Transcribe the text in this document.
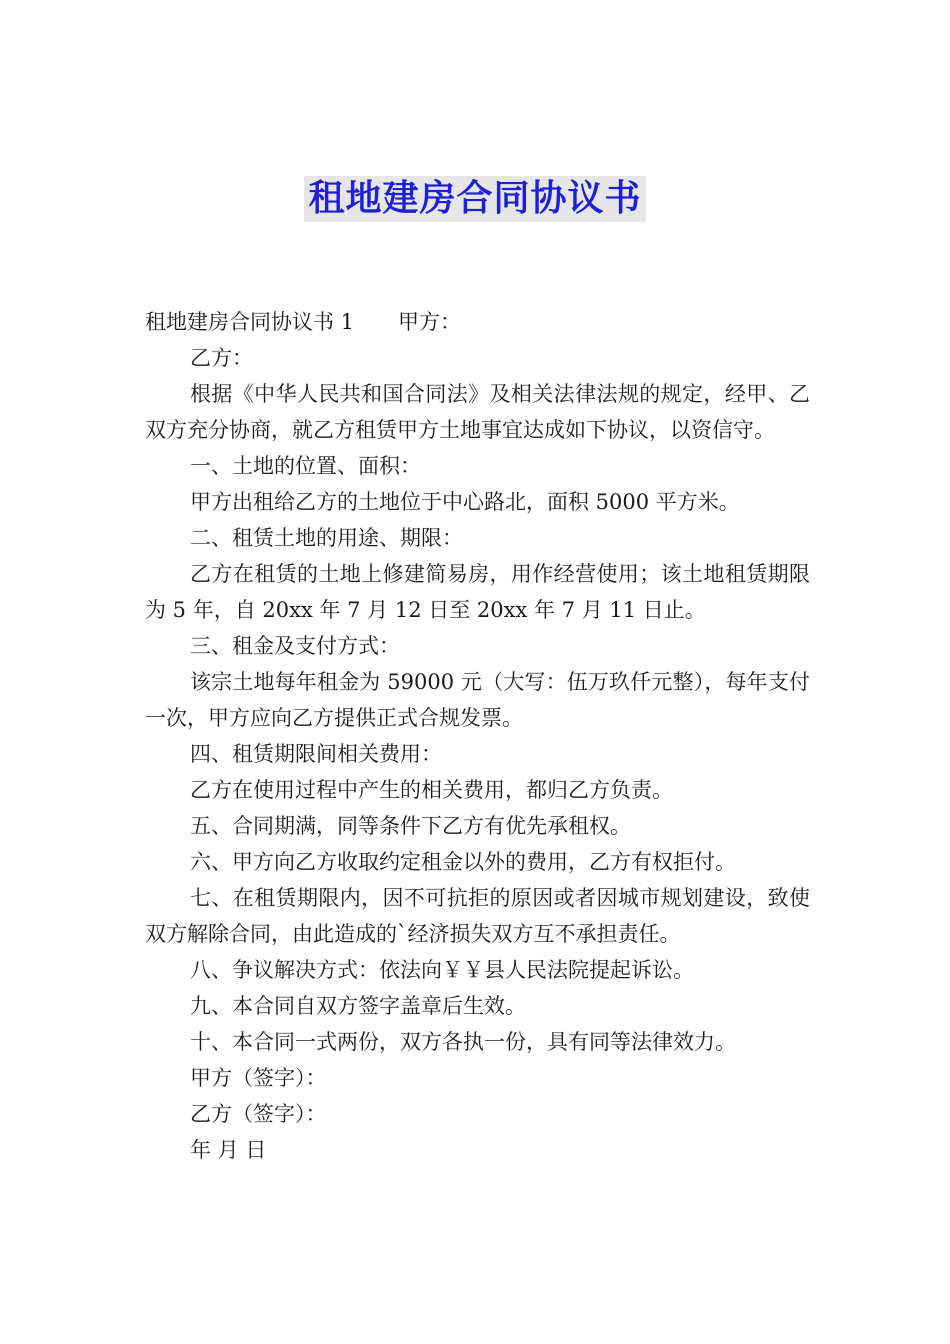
租地建房合同协议书

租地建房合同协议书 1 甲方：

乙方：

根据《中华人民共和国合同法》及相关法律法规的规定，经甲、乙双方充分协商，就乙方租赁甲方土地事宜达成如下协议，以资信守。

一、土地的位置、面积：

甲方出租给乙方的土地位于中心路北，面积 5000 平方米。

二、租赁土地的用途、期限：

乙方在租赁的土地上修建简易房，用作经营使用；该土地租赁期限为 5 年，自 20xx 年 7 月 12 日至 20xx 年 7 月 11 日止。

三、租金及支付方式：

该宗土地每年租金为 59000 元（大写：伍万玖仟元整），每年支付一次，甲方应向乙方提供正式合规发票。

四、租赁期限间相关费用：

乙方在使用过程中产生的相关费用，都归乙方负责。

五、合同期满，同等条件下乙方有优先承租权。

六、甲方向乙方收取约定租金以外的费用，乙方有权拒付。

七、在租赁期限内，因不可抗拒的原因或者因城市规划建设，致使双方解除合同，由此造成的`经济损失双方互不承担责任。

八、争议解决方式：依法向￥￥县人民法院提起诉讼。

九、本合同自双方签字盖章后生效。

十、本合同一式两份，双方各执一份，具有同等法律效力。

甲方（签字）：

乙方（签字）：

年 月 日
